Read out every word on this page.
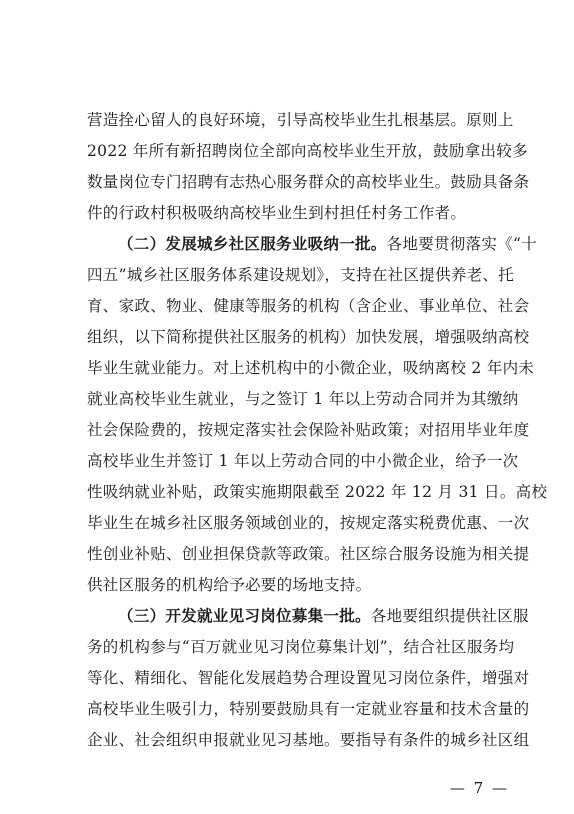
营造拴心留人的良好环境，引导高校毕业生扎根基层。原则上
2022 年所有新招聘岗位全部向高校毕业生开放，鼓励拿出较多
数量岗位专门招聘有志热心服务群众的高校毕业生。鼓励具备条
件的行政村积极吸纳高校毕业生到村担任村务工作者。
（二）发展城乡社区服务业吸纳一批。各地要贯彻落实《“十
四五”城乡社区服务体系建设规划》，支持在社区提供养老、托
育、家政、物业、健康等服务的机构（含企业、事业单位、社会
组织，以下简称提供社区服务的机构）加快发展，增强吸纳高校
毕业生就业能力。对上述机构中的小微企业，吸纳离校 2 年内未
就业高校毕业生就业，与之签订 1 年以上劳动合同并为其缴纳
社会保险费的，按规定落实社会保险补贴政策；对招用毕业年度
高校毕业生并签订 1 年以上劳动合同的中小微企业，给予一次
性吸纳就业补贴，政策实施期限截至 2022 年 12 月 31 日。高校
毕业生在城乡社区服务领域创业的，按规定落实税费优惠、一次
性创业补贴、创业担保贷款等政策。社区综合服务设施为相关提
供社区服务的机构给予必要的场地支持。
（三）开发就业见习岗位募集一批。各地要组织提供社区服
务的机构参与“百万就业见习岗位募集计划”，结合社区服务均
等化、精细化、智能化发展趋势合理设置见习岗位条件，增强对
高校毕业生吸引力，特别要鼓励具有一定就业容量和技术含量的
企业、社会组织申报就业见习基地。要指导有条件的城乡社区组
— 7 —
